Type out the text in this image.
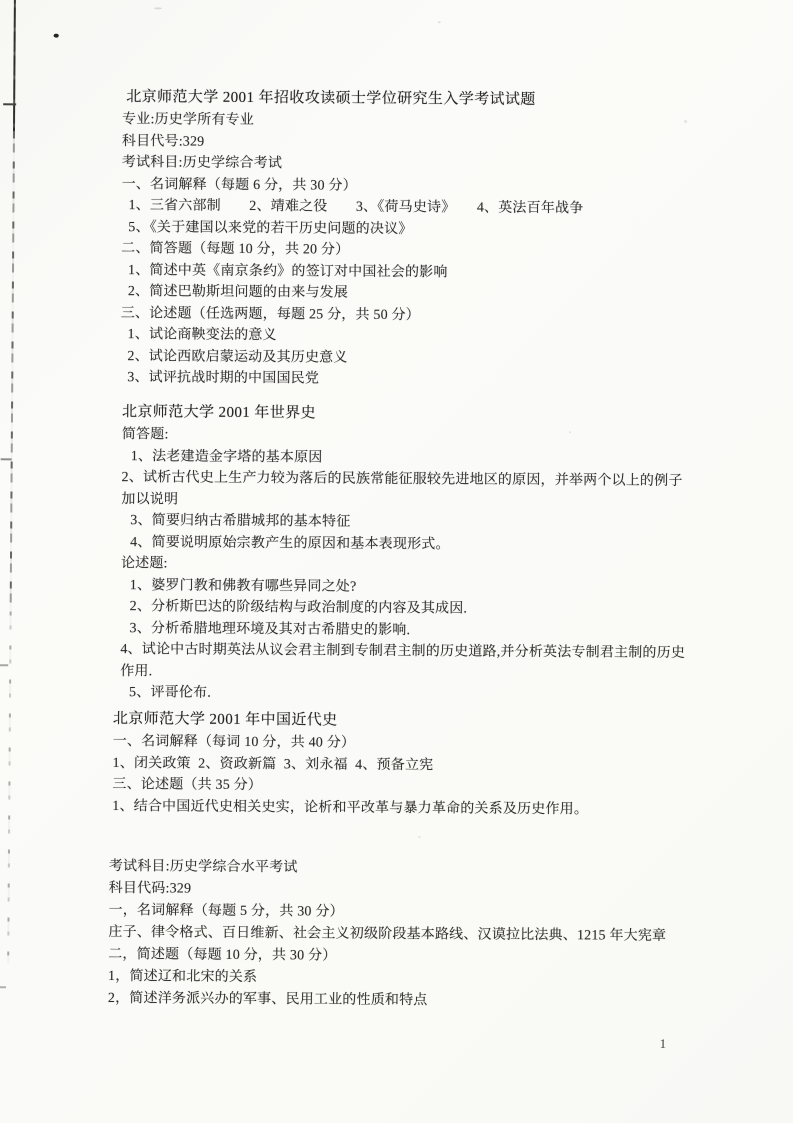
北京师范大学 2001 年招收攻读硕士学位研究生入学考试试题
专业:历史学所有专业
科目代号:329
考试科目:历史学综合考试
一、名词解释（每题 6 分，共 30 分）
1、三省六部制　　2、靖难之役　　3、《荷马史诗》　　4、英法百年战争
5、《关于建国以来党的若干历史问题的决议》
二、简答题（每题 10 分，共 20 分）
1、简述中英《南京条约》的签订对中国社会的影响
2、简述巴勒斯坦问题的由来与发展
三、论述题（任选两题，每题 25 分，共 50 分）
1、试论商鞅变法的意义
2、试论西欧启蒙运动及其历史意义
3、试评抗战时期的中国国民党
北京师范大学 2001 年世界史
简答题:
1、法老建造金字塔的基本原因
2、试析古代史上生产力较为落后的民族常能征服较先进地区的原因，并举两个以上的例子
加以说明
3、简要归纳古希腊城邦的基本特征
4、简要说明原始宗教产生的原因和基本表现形式。
论述题:
1、婆罗门教和佛教有哪些异同之处?
2、分析斯巴达的阶级结构与政治制度的内容及其成因.
3、分析希腊地理环境及其对古希腊史的影响.
4、试论中古时期英法从议会君主制到专制君主制的历史道路,并分析英法专制君主制的历史
作用.
5、评哥伦布.
北京师范大学 2001 年中国近代史
一、名词解释（每词 10 分，共 40 分）
1、闭关政策  2、资政新篇  3、刘永福  4、预备立宪
三、论述题（共 35 分）
1、结合中国近代史相关史实，论析和平改革与暴力革命的关系及历史作用。
考试科目:历史学综合水平考试
科目代码:329
一，名词解释（每题 5 分，共 30 分）
庄子、律令格式、百日维新、社会主义初级阶段基本路线、汉谟拉比法典、1215 年大宪章
二，简述题（每题 10 分，共 30 分）
1，简述辽和北宋的关系
2，简述洋务派兴办的军事、民用工业的性质和特点
1
